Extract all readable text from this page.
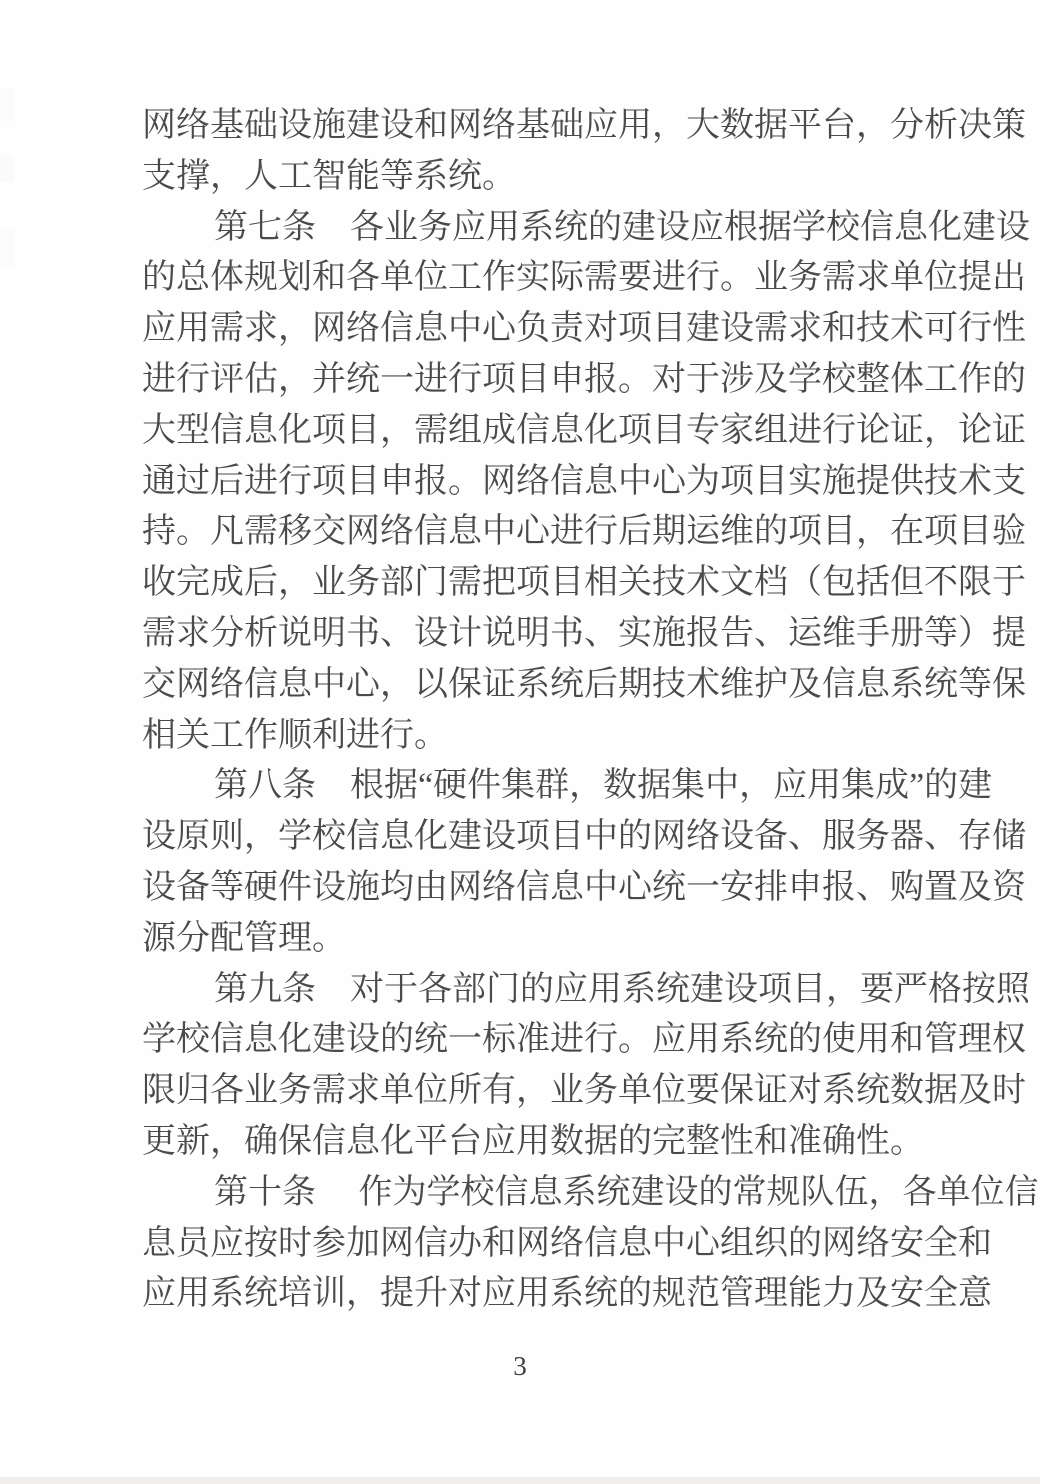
网络基础设施建设和网络基础应用，大数据平台，分析决策
支撑，人工智能等系统。
第七条　各业务应用系统的建设应根据学校信息化建设
的总体规划和各单位工作实际需要进行。业务需求单位提出
应用需求，网络信息中心负责对项目建设需求和技术可行性
进行评估，并统一进行项目申报。对于涉及学校整体工作的
大型信息化项目，需组成信息化项目专家组进行论证，论证
通过后进行项目申报。网络信息中心为项目实施提供技术支
持。凡需移交网络信息中心进行后期运维的项目，在项目验
收完成后，业务部门需把项目相关技术文档（包括但不限于
需求分析说明书、设计说明书、实施报告、运维手册等）提
交网络信息中心，以保证系统后期技术维护及信息系统等保
相关工作顺利进行。
第八条　根据“硬件集群，数据集中，应用集成”的建
设原则，学校信息化建设项目中的网络设备、服务器、存储
设备等硬件设施均由网络信息中心统一安排申报、购置及资
源分配管理。
第九条　对于各部门的应用系统建设项目，要严格按照
学校信息化建设的统一标准进行。应用系统的使用和管理权
限归各业务需求单位所有，业务单位要保证对系统数据及时
更新，确保信息化平台应用数据的完整性和准确性。
第十条　 作为学校信息系统建设的常规队伍，各单位信
息员应按时参加网信办和网络信息中心组织的网络安全和
应用系统培训，提升对应用系统的规范管理能力及安全意
3
